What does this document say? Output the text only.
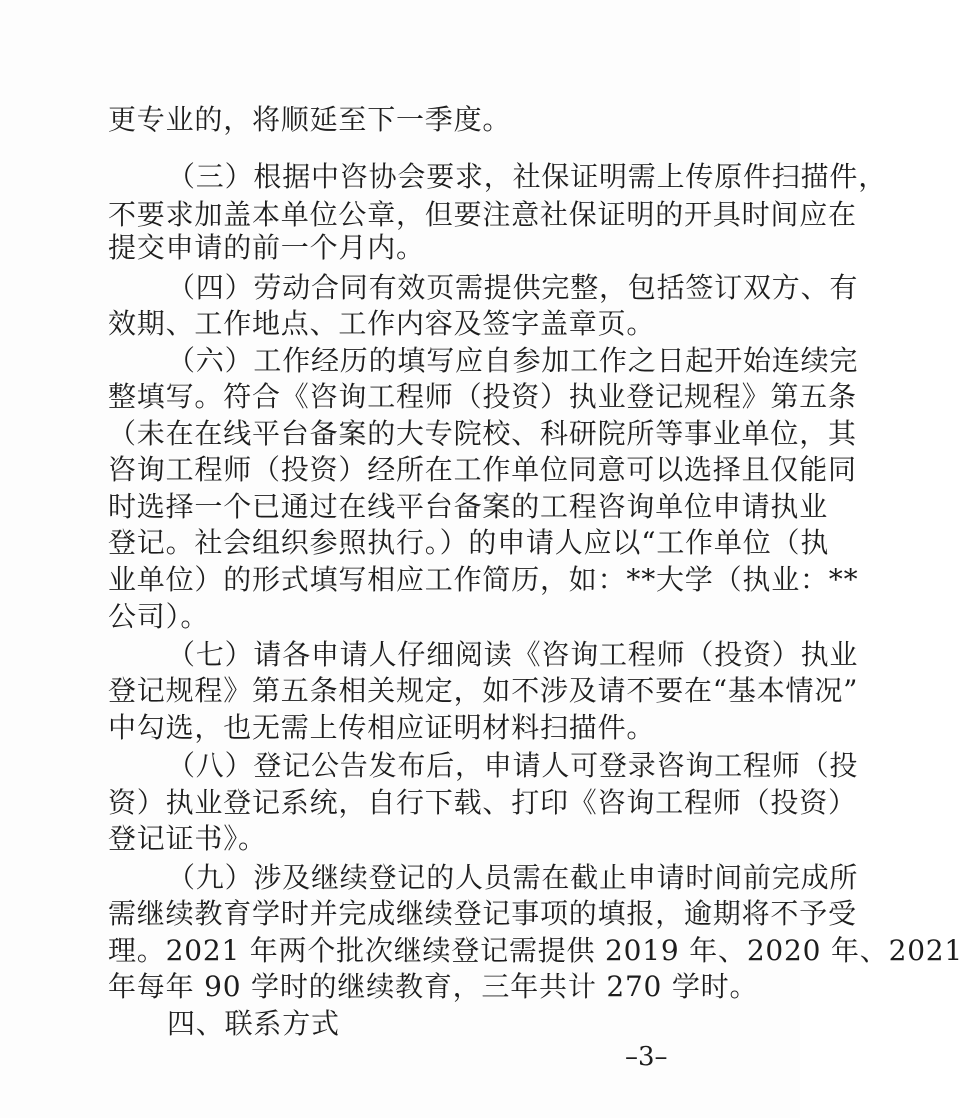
更专业的，将顺延至下一季度。
（三）根据中咨协会要求，社保证明需上传原件扫描件，
不要求加盖本单位公章，但要注意社保证明的开具时间应在
提交申请的前一个月内。
（四）劳动合同有效页需提供完整，包括签订双方、有
效期、工作地点、工作内容及签字盖章页。
（六）工作经历的填写应自参加工作之日起开始连续完
整填写。符合《咨询工程师（投资）执业登记规程》第五条
（未在在线平台备案的大专院校、科研院所等事业单位，其
咨询工程师（投资）经所在工作单位同意可以选择且仅能同
时选择一个已通过在线平台备案的工程咨询单位申请执业
登记。社会组织参照执行。）的申请人应以“工作单位（执
业单位）的形式填写相应工作简历，如：**大学（执业：**
公司）。
（七）请各申请人仔细阅读《咨询工程师（投资）执业
登记规程》第五条相关规定，如不涉及请不要在“基本情况”
中勾选，也无需上传相应证明材料扫描件。
（八）登记公告发布后，申请人可登录咨询工程师（投
资）执业登记系统，自行下载、打印《咨询工程师（投资）
登记证书》。
（九）涉及继续登记的人员需在截止申请时间前完成所
需继续教育学时并完成继续登记事项的填报，逾期将不予受
理。2021 年两个批次继续登记需提供 2019 年、2020 年、2021
年每年 90 学时的继续教育，三年共计 270 学时。
四、联系方式
–3–
